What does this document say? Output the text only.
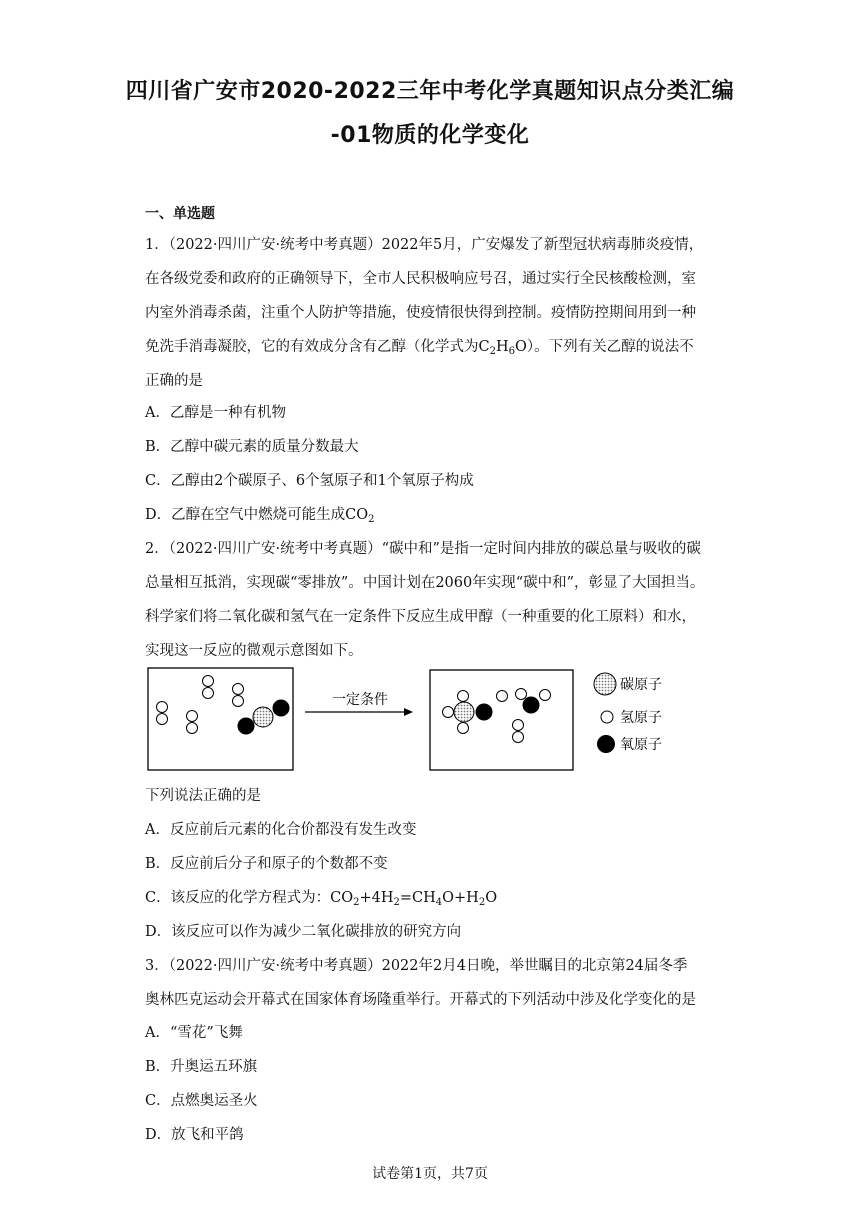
四川省广安市2020-2022三年中考化学真题知识点分类汇编
-01物质的化学变化
一、单选题
1．（2022·四川广安·统考中考真题）2022年5月，广安爆发了新型冠状病毒肺炎疫情，
在各级党委和政府的正确领导下，全市人民积极响应号召，通过实行全民核酸检测，室
内室外消毒杀菌，注重个人防护等措施，使疫情很快得到控制。疫情防控期间用到一种
免洗手消毒凝胶，它的有效成分含有乙醇（化学式为$C_2H_6O$）。下列有关乙醇的说法不
正确的是
A．乙醇是一种有机物
B．乙醇中碳元素的质量分数最大
C．乙醇由2个碳原子、6个氢原子和1个氧原子构成
D．乙醇在空气中燃烧可能生成$CO_2$
2．（2022·四川广安·统考中考真题）“碳中和”是指一定时间内排放的碳总量与吸收的碳
总量相互抵消，实现碳“零排放”。中国计划在2060年实现“碳中和”，彰显了大国担当。
科学家们将二氧化碳和氢气在一定条件下反应生成甲醇（一种重要的化工原料）和水，
实现这一反应的微观示意图如下。
一定条件
碳原子
氢原子
氧原子
下列说法正确的是
A．反应前后元素的化合价都没有发生改变
B．反应前后分子和原子的个数都不变
C．该反应的化学方程式为：$CO_2+4H_2=CH_4O+H_2O$
D．该反应可以作为减少二氧化碳排放的研究方向
3．（2022·四川广安·统考中考真题）2022年2月4日晚，举世瞩目的北京第24届冬季
奥林匹克运动会开幕式在国家体育场隆重举行。开幕式的下列活动中涉及化学变化的是
A．“雪花”飞舞
B．升奥运五环旗
C．点燃奥运圣火
D．放飞和平鸽
试卷第1页，共7页
